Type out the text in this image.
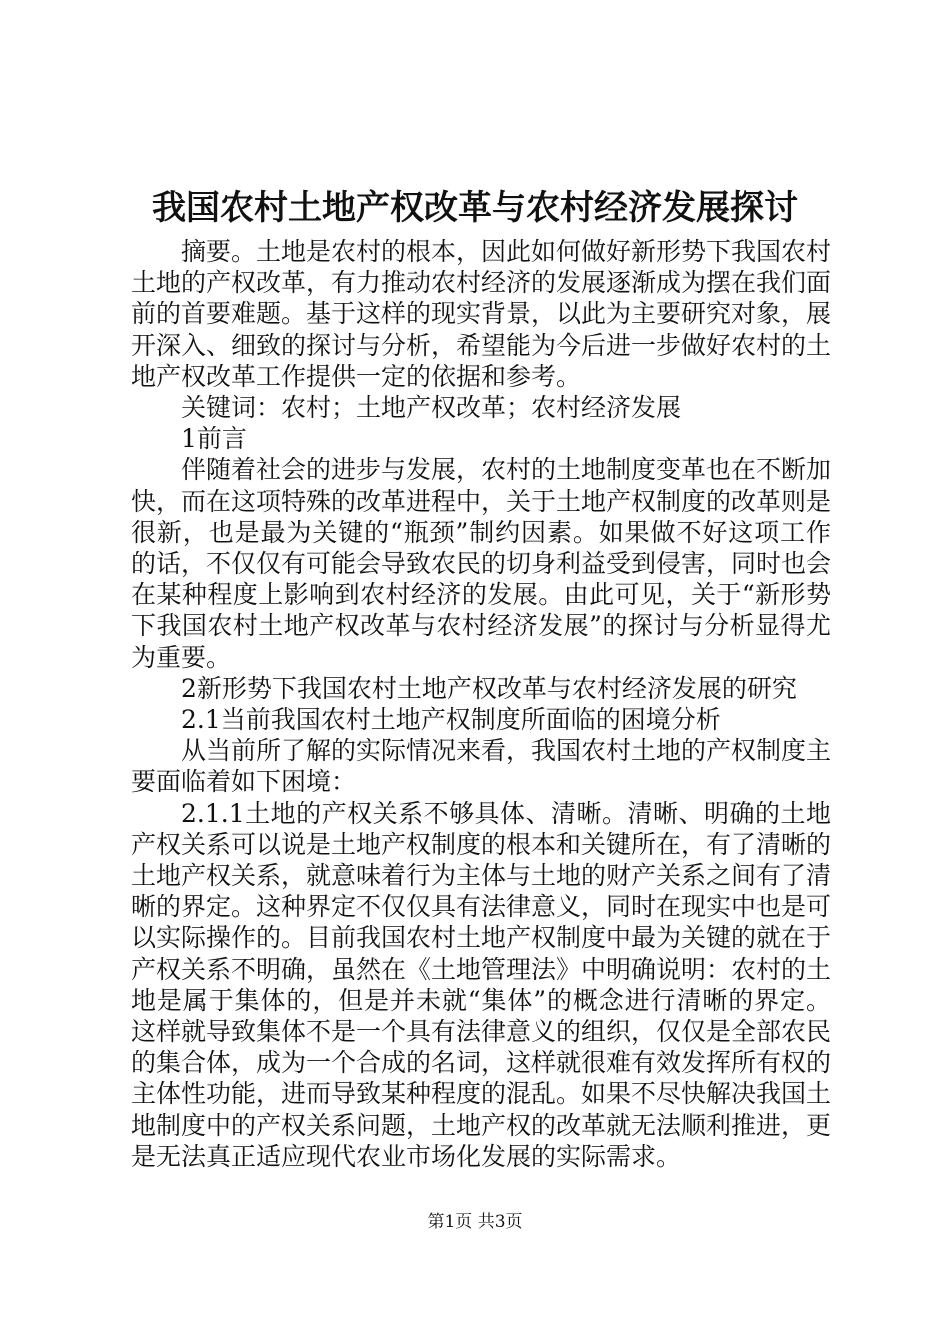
我国农村土地产权改革与农村经济发展探讨

摘要。土地是农村的根本，因此如何做好新形势下我国农村土地的产权改革，有力推动农村经济的发展逐渐成为摆在我们面前的首要难题。基于这样的现实背景，以此为主要研究对象，展开深入、细致的探讨与分析，希望能为今后进一步做好农村的土地产权改革工作提供一定的依据和参考。

关键词：农村；土地产权改革；农村经济发展

1前言

伴随着社会的进步与发展，农村的土地制度变革也在不断加快，而在这项特殊的改革进程中，关于土地产权制度的改革则是很新，也是最为关键的“瓶颈”制约因素。如果做不好这项工作的话，不仅仅有可能会导致农民的切身利益受到侵害，同时也会在某种程度上影响到农村经济的发展。由此可见，关于“新形势下我国农村土地产权改革与农村经济发展”的探讨与分析显得尤为重要。

2新形势下我国农村土地产权改革与农村经济发展的研究

2.1当前我国农村土地产权制度所面临的困境分析

从当前所了解的实际情况来看，我国农村土地的产权制度主要面临着如下困境：

2.1.1土地的产权关系不够具体、清晰。清晰、明确的土地产权关系可以说是土地产权制度的根本和关键所在，有了清晰的土地产权关系，就意味着行为主体与土地的财产关系之间有了清晰的界定。这种界定不仅仅具有法律意义，同时在现实中也是可以实际操作的。目前我国农村土地产权制度中最为关键的就在于产权关系不明确，虽然在《土地管理法》中明确说明：农村的土地是属于集体的，但是并未就“集体”的概念进行清晰的界定。这样就导致集体不是一个具有法律意义的组织，仅仅是全部农民的集合体，成为一个合成的名词，这样就很难有效发挥所有权的主体性功能，进而导致某种程度的混乱。如果不尽快解决我国土地制度中的产权关系问题，土地产权的改革就无法顺利推进，更是无法真正适应现代农业市场化发展的实际需求。

第1页 共3页
